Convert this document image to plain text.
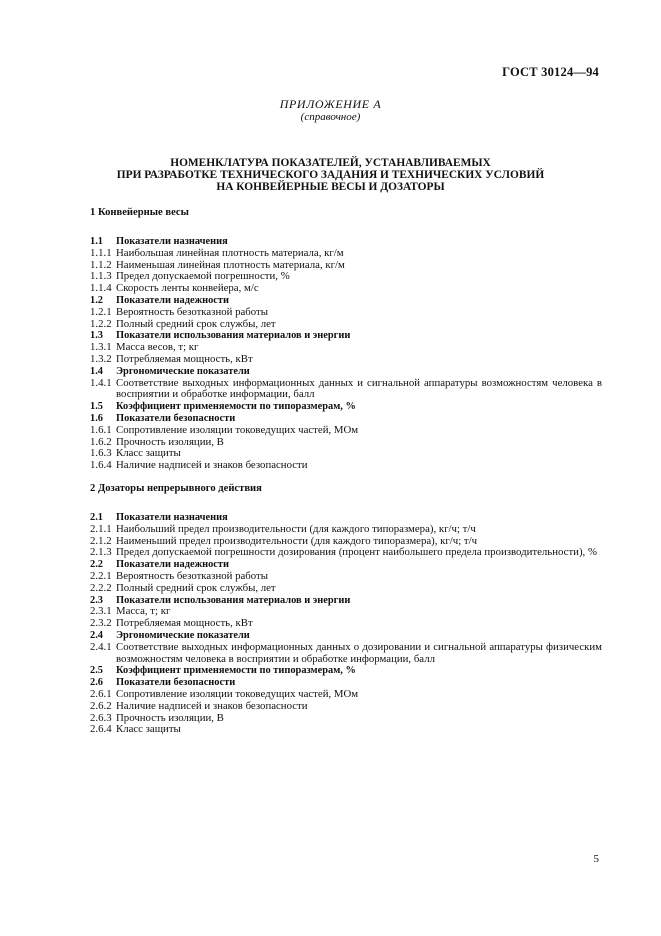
ГОСТ 30124—94
ПРИЛОЖЕНИЕ А
(справочное)
НОМЕНКЛАТУРА ПОКАЗАТЕЛЕЙ, УСТАНАВЛИВАЕМЫХ
ПРИ РАЗРАБОТКЕ ТЕХНИЧЕСКОГО ЗАДАНИЯ И ТЕХНИЧЕСКИХ УСЛОВИЙ
НА КОНВЕЙЕРНЫЕ ВЕСЫ И ДОЗАТОРЫ
1 Конвейерные весы
1.1	Показатели назначения
1.1.1 Наибольшая линейная плотность материала, кг/м
1.1.2 Наименьшая линейная плотность материала, кг/м
1.1.3 Предел допускаемой погрешности, %
1.1.4 Скорость ленты конвейера, м/с
1.2	Показатели надежности
1.2.1 Вероятность безотказной работы
1.2.2 Полный средний срок службы, лет
1.3	Показатели использования материалов и энергии
1.3.1 Масса весов, т; кг
1.3.2 Потребляемая мощность, кВт
1.4	Эргономические показатели
1.4.1 Соответствие выходных информационных данных и сигнальной аппаратуры возможностям человека в восприятии и обработке информации, балл
1.5	Коэффициент применяемости по типоразмерам, %
1.6	Показатели безопасности
1.6.1 Сопротивление изоляции токоведущих частей, МОм
1.6.2 Прочность изоляции, В
1.6.3 Класс защиты
1.6.4 Наличие надписей и знаков безопасности
2 Дозаторы непрерывного действия
2.1	Показатели назначения
2.1.1 Наибольший предел производительности (для каждого типоразмера), кг/ч; т/ч
2.1.2 Наименьший предел производительности (для каждого типоразмера), кг/ч; т/ч
2.1.3 Предел допускаемой погрешности дозирования (процент наибольшего предела производительности), %
2.2	Показатели надежности
2.2.1 Вероятность безотказной работы
2.2.2 Полный средний срок службы, лет
2.3	Показатели использования материалов и энергии
2.3.1 Масса, т; кг
2.3.2 Потребляемая мощность, кВт
2.4	Эргономические показатели
2.4.1 Соответствие выходных информационных данных о дозировании и сигнальной аппаратуры физическим возможностям человека в восприятии и обработке информации, балл
2.5	Коэффициент применяемости по типоразмерам, %
2.6	Показатели безопасности
2.6.1 Сопротивление изоляции токоведущих частей, МОм
2.6.2 Наличие надписей и знаков безопасности
2.6.3 Прочность изоляции, В
2.6.4 Класс защиты
5
